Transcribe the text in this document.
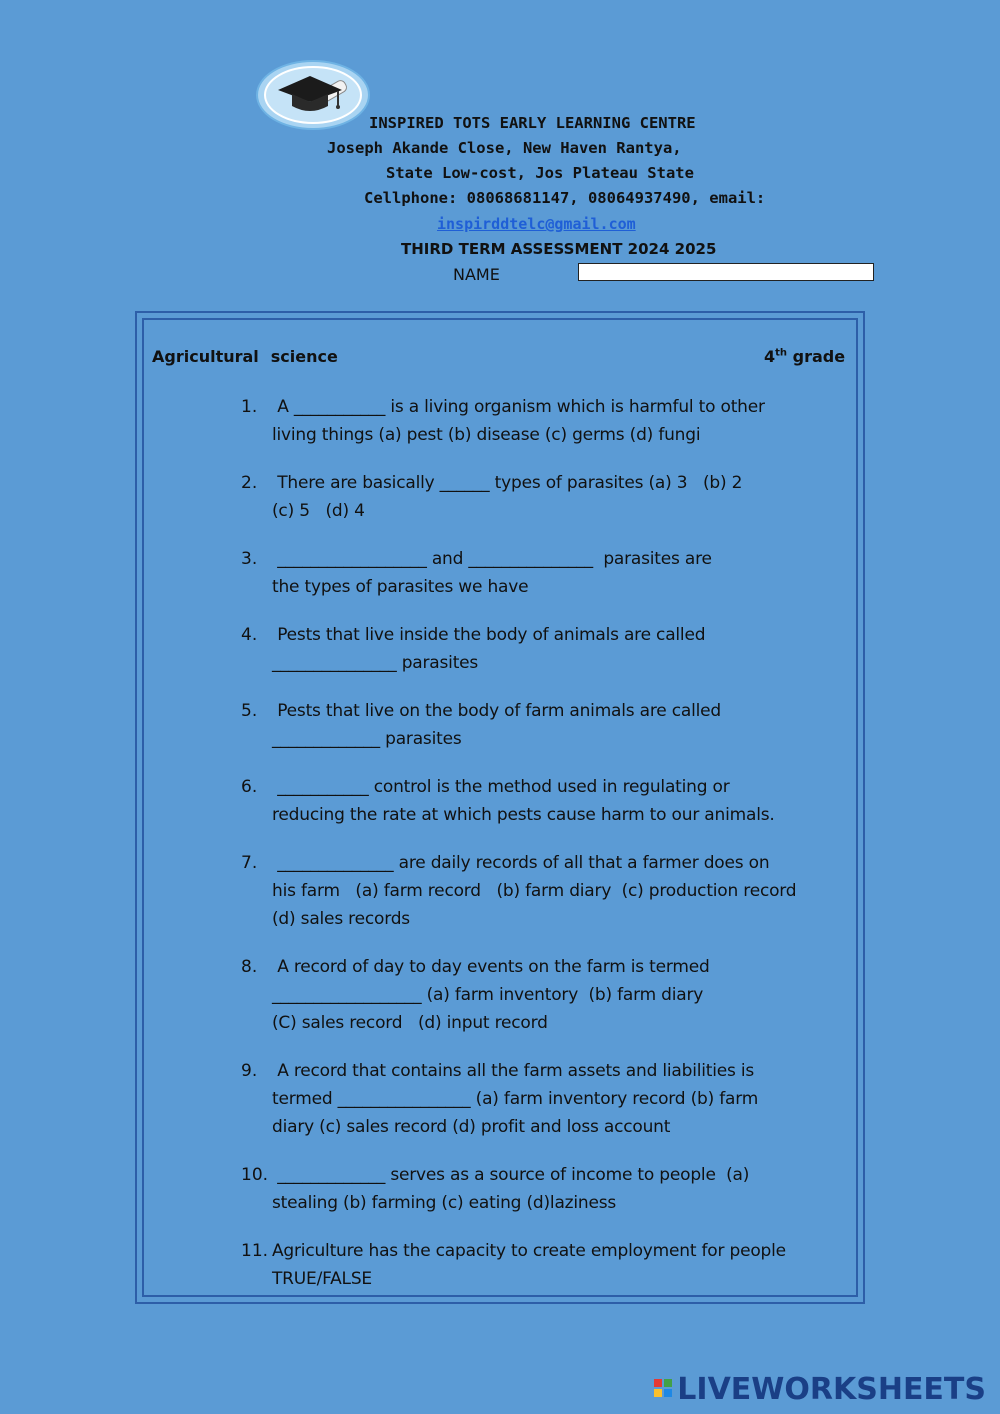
INSPIRED TOTS EARLY LEARNING CENTRE
Joseph Akande Close, New Haven Rantya,
State Low-cost, Jos Plateau State
Cellphone: 08068681147, 08064937490, email:
inspirddtelc@gmail.com
THIRD TERM ASSESSMENT 2024 2025
NAME
Agricultural science	4th grade
1.	A ___________ is a living organism which is harmful to other
living things (a) pest (b) disease (c) germs (d) fungi
2.	There are basically ______ types of parasites (a) 3   (b) 2
(c) 5   (d) 4
3.	__________________ and _______________  parasites are
the types of parasites we have
4.	Pests that live inside the body of animals are called
_______________ parasites
5.	Pests that live on the body of farm animals are called
_____________ parasites
6.	___________ control is the method used in regulating or
reducing the rate at which pests cause harm to our animals.
7.	______________ are daily records of all that a farmer does on
his farm   (a) farm record   (b) farm diary  (c) production record
(d) sales records
8.	A record of day to day events on the farm is termed
__________________ (a) farm inventory  (b) farm diary
(C) sales record   (d) input record
9.	A record that contains all the farm assets and liabilities is
termed ________________ (a) farm inventory record (b) farm
diary (c) sales record (d) profit and loss account
10. _____________ serves as a source of income to people  (a)
stealing (b) farming (c) eating (d)laziness
11. Agriculture has the capacity to create employment for people
TRUE/FALSE
LIVEWORKSHEETS
